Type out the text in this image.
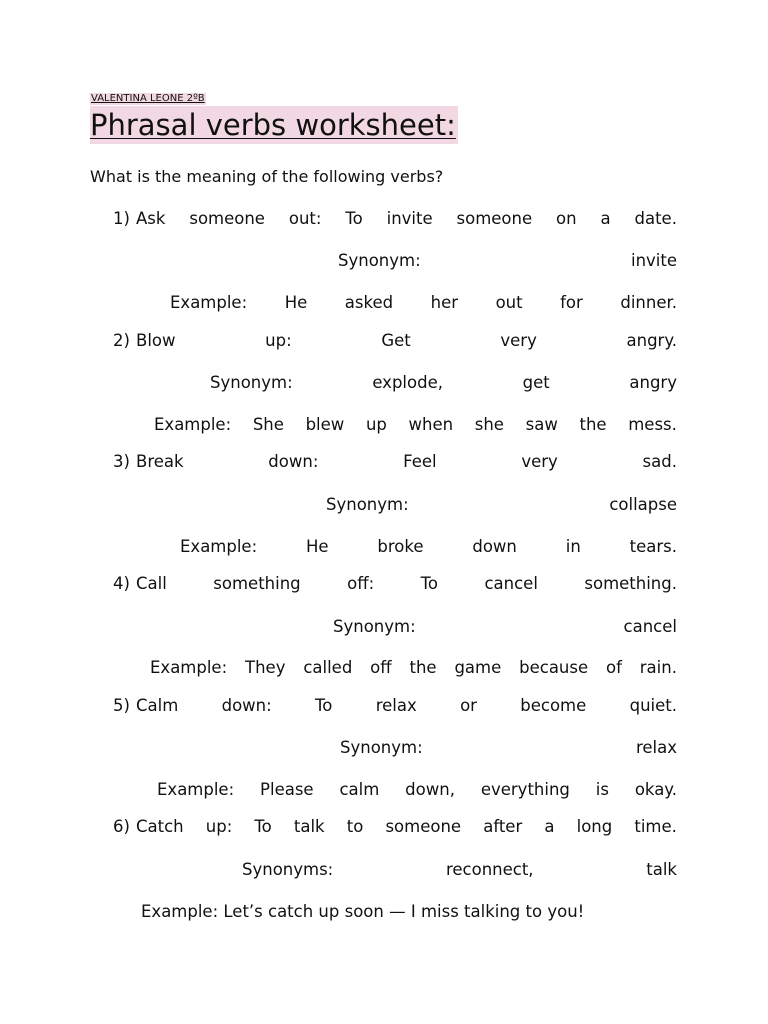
VALENTINA LEONE 2ºB
Phrasal verbs worksheet:
What is the meaning of the following verbs?
1) Ask someone out: To invite someone on a date.
Synonym:	invite
Example: He asked her out for dinner.
2) Blow	up:	Get	very	angry.
Synonym:	explode,	get	angry
Example: She blew up when she saw the mess.
3) Break	down:	Feel	very	sad.
Synonym:	collapse
Example:	He	broke	down	in	tears.
4) Call	something	off:	To	cancel	something.
Synonym:	cancel
Example: They called off the game because of rain.
5) Calm	down:	To	relax	or	become	quiet.
Synonym:	relax
Example: Please calm down, everything is okay.
6) Catch up: To talk to someone after a long time.
Synonyms:	reconnect,	talk
Example: Let’s catch up soon — I miss talking to you!
